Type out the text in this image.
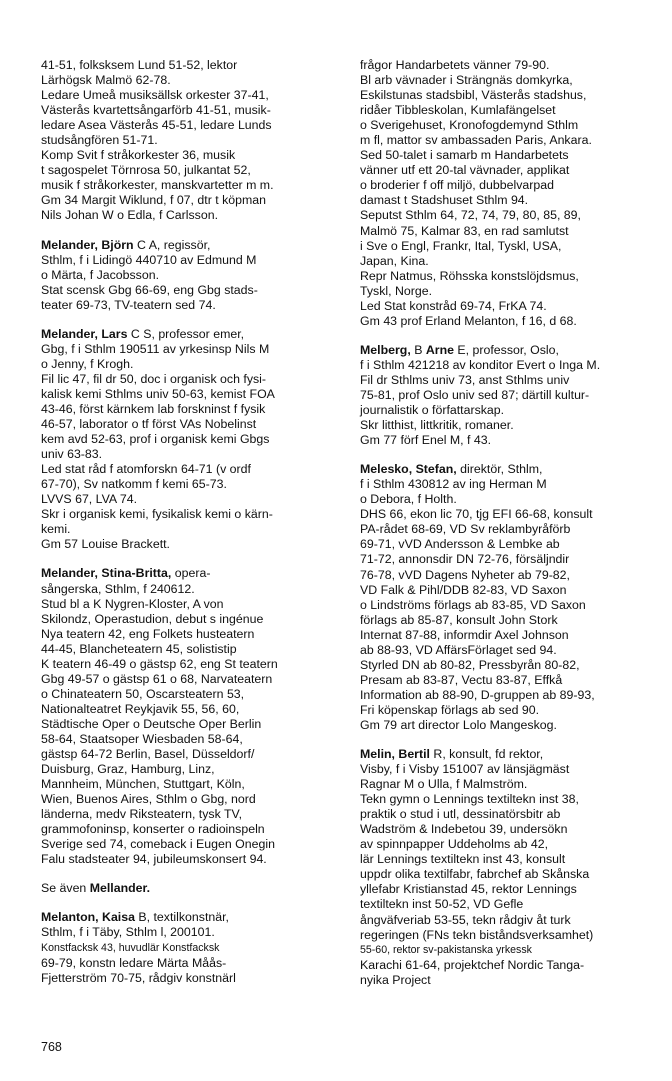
41-51, folksksem Lund 51-52, lektor
Lärhögsk Malmö 62-78.
Ledare Umeå musiksällsk orkester 37-41,
Västerås kvartettsångarförb 41-51, musik-
ledare Asea Västerås 45-51, ledare Lunds
studsångfören 51-71.
Komp Svit f stråkorkester 36, musik
t sagospelet Törnrosa 50, julkantat 52,
musik f stråkorkester, manskvartetter m m.
Gm 34 Margit Wiklund, f 07, dtr t köpman
Nils Johan W o Edla, f Carlsson.
Melander, Björn C A, regissör,
Sthlm, f i Lidingö 440710 av Edmund M
o Märta, f Jacobsson.
Stat scensk Gbg 66-69, eng Gbg stads-
teater 69-73, TV-teatern sed 74.
Melander, Lars C S, professor emer,
Gbg, f i Sthlm 190511 av yrkesinsp Nils M
o Jenny, f Krogh.
Fil lic 47, fil dr 50, doc i organisk och fysi-
kalisk kemi Sthlms univ 50-63, kemist FOA
43-46, först kärnkem lab forskninst f fysik
46-57, laborator o tf först VAs Nobelinst
kem avd 52-63, prof i organisk kemi Gbgs
univ 63-83.
Led stat råd f atomforskn 64-71 (v ordf
67-70), Sv natkomm f kemi 65-73.
LVVS 67, LVA 74.
Skr i organisk kemi, fysikalisk kemi o kärn-
kemi.
Gm 57 Louise Brackett.
Melander, Stina-Britta, opera-
sångerska, Sthlm, f 240612.
Stud bl a K Nygren-Kloster, A von
Skilondz, Operastudion, debut s ingénue
Nya teatern 42, eng Folkets husteatern
44-45, Blancheteatern 45, solististip
K teatern 46-49 o gästsp 62, eng St teatern
Gbg 49-57 o gästsp 61 o 68, Narvateatern
o Chinateatern 50, Oscarsteatern 53,
Nationalteatret Reykjavik 55, 56, 60,
Städtische Oper o Deutsche Oper Berlin
58-64, Staatsoper Wiesbaden 58-64,
gästsp 64-72 Berlin, Basel, Düsseldorf/
Duisburg, Graz, Hamburg, Linz,
Mannheim, München, Stuttgart, Köln,
Wien, Buenos Aires, Sthlm o Gbg, nord
länderna, medv Riksteatern, tysk TV,
grammofoninsp, konserter o radioinspeln
Sverige sed 74, comeback i Eugen Onegin
Falu stadsteater 94, jubileumskonsert 94.
Se även Mellander.
Melanton, Kaisa B, textilkonstnär,
Sthlm, f i Täby, Sthlm l, 200101.
Konstfacksk 43, huvudlär Konstfacksk
69-79, konstn ledare Märta Måås-
Fjetterström 70-75, rådgiv konstnärl
frågor Handarbetets vänner 79-90.
Bl arb vävnader i Strängnäs domkyrka,
Eskilstunas stadsbibl, Västerås stadshus,
ridåer Tibbleskolan, Kumlafängelset
o Sverigehuset, Kronofogdemynd Sthlm
m fl, mattor sv ambassaden Paris, Ankara.
Sed 50-talet i samarb m Handarbetets
vänner utf ett 20-tal vävnader, applikat
o broderier f off miljö, dubbelvarpad
damast t Stadshuset Sthlm 94.
Seputst Sthlm 64, 72, 74, 79, 80, 85, 89,
Malmö 75, Kalmar 83, en rad samlutst
i Sve o Engl, Frankr, Ital, Tyskl, USA,
Japan, Kina.
Repr Natmus, Röhsska konstslöjdsmus,
Tyskl, Norge.
Led Stat konstråd 69-74, FrKA 74.
Gm 43 prof Erland Melanton, f 16, d 68.
Melberg, B Arne E, professor, Oslo,
f i Sthlm 421218 av konditor Evert o Inga M.
Fil dr Sthlms univ 73, anst Sthlms univ
75-81, prof Oslo univ sed 87; därtill kultur-
journalistik o författarskap.
Skr litthist, littkritik, romaner.
Gm 77 förf Enel M, f 43.
Melesko, Stefan, direktör, Sthlm,
f i Sthlm 430812 av ing Herman M
o Debora, f Holth.
DHS 66, ekon lic 70, tjg EFI 66-68, konsult
PA-rådet 68-69, VD Sv reklambyråförb
69-71, vVD Andersson & Lembke ab
71-72, annonsdir DN 72-76, försäljndir
76-78, vVD Dagens Nyheter ab 79-82,
VD Falk & Pihl/DDB 82-83, VD Saxon
o Lindströms förlags ab 83-85, VD Saxon
förlags ab 85-87, konsult John Stork
Internat 87-88, informdir Axel Johnson
ab 88-93, VD AffärsFörlaget sed 94.
Styrled DN ab 80-82, Pressbyrån 80-82,
Presam ab 83-87, Vectu 83-87, Effkå
Information ab 88-90, D-gruppen ab 89-93,
Fri köpenskap förlags ab sed 90.
Gm 79 art director Lolo Mangeskog.
Melin, Bertil R, konsult, fd rektor,
Visby, f i Visby 151007 av länsjägmäst
Ragnar M o Ulla, f Malmström.
Tekn gymn o Lennings textiltekn inst 38,
praktik o stud i utl, dessinatörsbitr ab
Wadström & Indebetou 39, undersökn
av spinnpapper Uddeholms ab 42,
lär Lennings textiltekn inst 43, konsult
uppdr olika textilfabr, fabrchef ab Skånska
yllefabr Kristianstad 45, rektor Lennings
textiltekn inst 50-52, VD Gefle
ångväfveriab 53-55, tekn rådgiv åt turk
regeringen (FNs tekn biståndsverksamhet)
55-60, rektor sv-pakistanska yrkessk
Karachi 61-64, projektchef Nordic Tanga-
nyika Project
768
